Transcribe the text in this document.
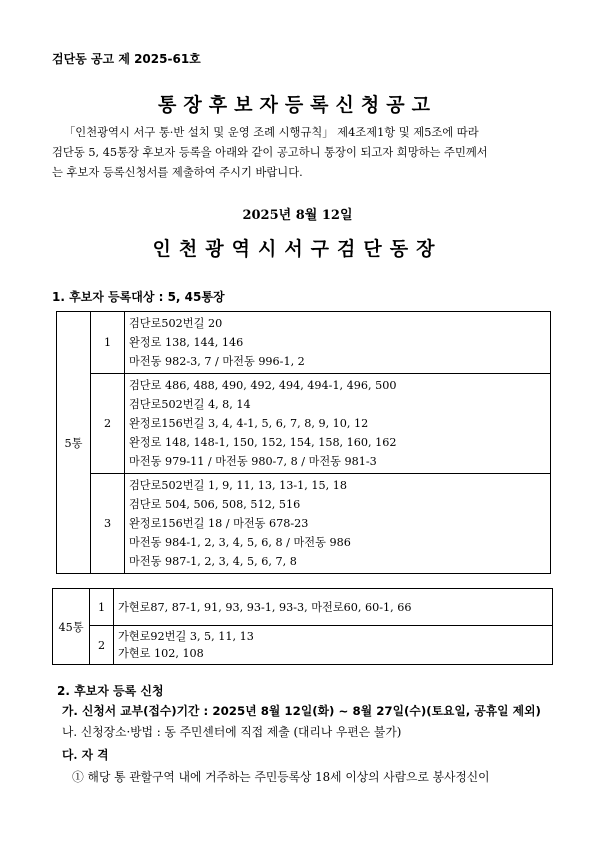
검단동 공고 제 2025-61호
통장후보자등록신청공고
「인천광역시 서구 통·반 설치 및 운영 조례 시행규칙」 제4조제1항 및 제5조에 따라
검단동 5, 45통장 후보자 등록을 아래와 같이 공고하니 통장이 되고자 희망하는 주민께서
는 후보자 등록신청서를 제출하여 주시기 바랍니다.
2025년 8월 12일
인천광역시서구검단동장
1. 후보자 등록대상 : 5, 45통장
5통	1	검단로502번길 20
완정로 138, 144, 146
마전동 982-3, 7 / 마전동 996-1, 2

	2	검단로 486, 488, 490, 492, 494, 494-1, 496, 500
검단로502번길 4, 8, 14
완정로156번길 3, 4, 4-1, 5, 6, 7, 8, 9, 10, 12
완정로 148, 148-1, 150, 152, 154, 158, 160, 162
마전동 979-11 / 마전동 980-7, 8 / 마전동 981-3

	3	검단로502번길 1, 9, 11, 13, 13-1, 15, 18
검단로 504, 506, 508, 512, 516
완정로156번길 18 / 마전동 678-23
마전동 984-1, 2, 3, 4, 5, 6, 8 / 마전동 986
마전동 987-1, 2, 3, 4, 5, 6, 7, 8
45통	1	가현로87, 87-1, 91, 93, 93-1, 93-3, 마전로60, 60-1, 66

	2	가현로92번길 3, 5, 11, 13
가현로 102, 108
2. 후보자 등록 신청
가. 신청서 교부(접수)기간 : 2025년 8월 12일(화) ~ 8월 27일(수)(토요일, 공휴일 제외)
나. 신청장소·방법 : 동 주민센터에 직접 제출 (대리나 우편은 불가)
다. 자 격
① 해당 통 관할구역 내에 거주하는 주민등록상 18세 이상의 사람으로 봉사정신이
